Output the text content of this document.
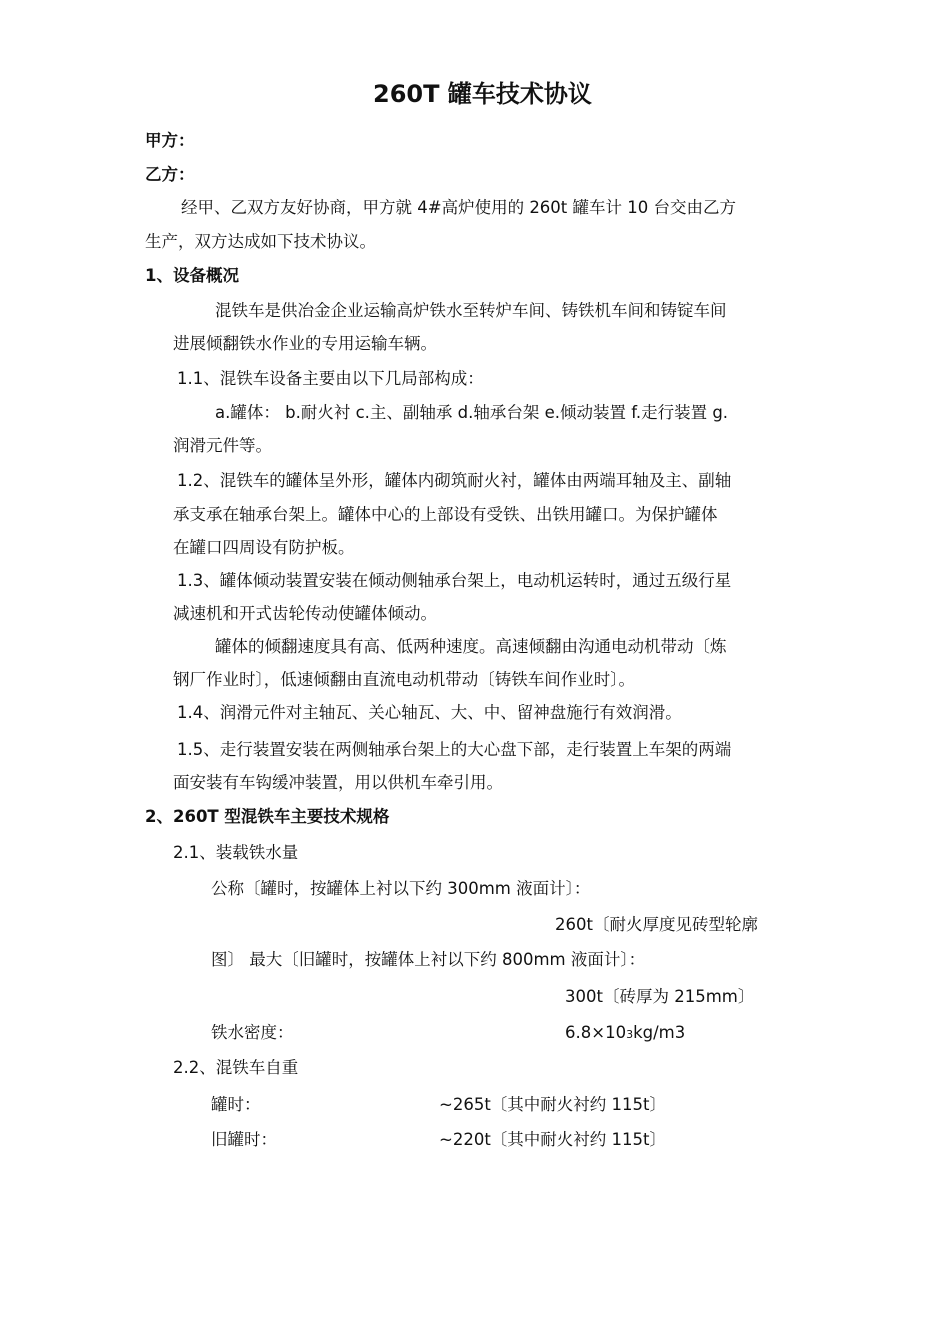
260T 罐车技术协议
甲方：
乙方：
经甲、乙双方友好协商，甲方就 4#高炉使用的 260t 罐车计 10 台交由乙方
生产，双方达成如下技术协议。
1、设备概况
混铁车是供冶金企业运输高炉铁水至转炉车间、铸铁机车间和铸锭车间
进展倾翻铁水作业的专用运输车辆。
1.1、混铁车设备主要由以下几局部构成：
a.罐体： b.耐火衬 c.主、副轴承 d.轴承台架 e.倾动装置 f.走行装置 g.
润滑元件等。
1.2、混铁车的罐体呈外形，罐体内砌筑耐火衬，罐体由两端耳轴及主、副轴
承支承在轴承台架上。罐体中心的上部设有受铁、出铁用罐口。为保护罐体
在罐口四周设有防护板。
1.3、罐体倾动装置安装在倾动侧轴承台架上，电动机运转时，通过五级行星
减速机和开式齿轮传动使罐体倾动。
罐体的倾翻速度具有高、低两种速度。高速倾翻由沟通电动机带动〔炼
钢厂作业时〕，低速倾翻由直流电动机带动〔铸铁车间作业时〕。
1.4、润滑元件对主轴瓦、关心轴瓦、大、中、留神盘施行有效润滑。
1.5、走行装置安装在两侧轴承台架上的大心盘下部，走行装置上车架的两端
面安装有车钩缓冲装置，用以供机车牵引用。
2、260T 型混铁车主要技术规格
2.1、装载铁水量
公称〔罐时，按罐体上衬以下约 300mm 液面计〕：
260t〔耐火厚度见砖型轮廓
图〕 最大〔旧罐时，按罐体上衬以下约 800mm 液面计〕：
300t〔砖厚为 215mm〕
铁水密度：	6.8×103kg/m3
2.2、混铁车自重
罐时：	~265t〔其中耐火衬约 115t〕
旧罐时：	~220t〔其中耐火衬约 115t〕
